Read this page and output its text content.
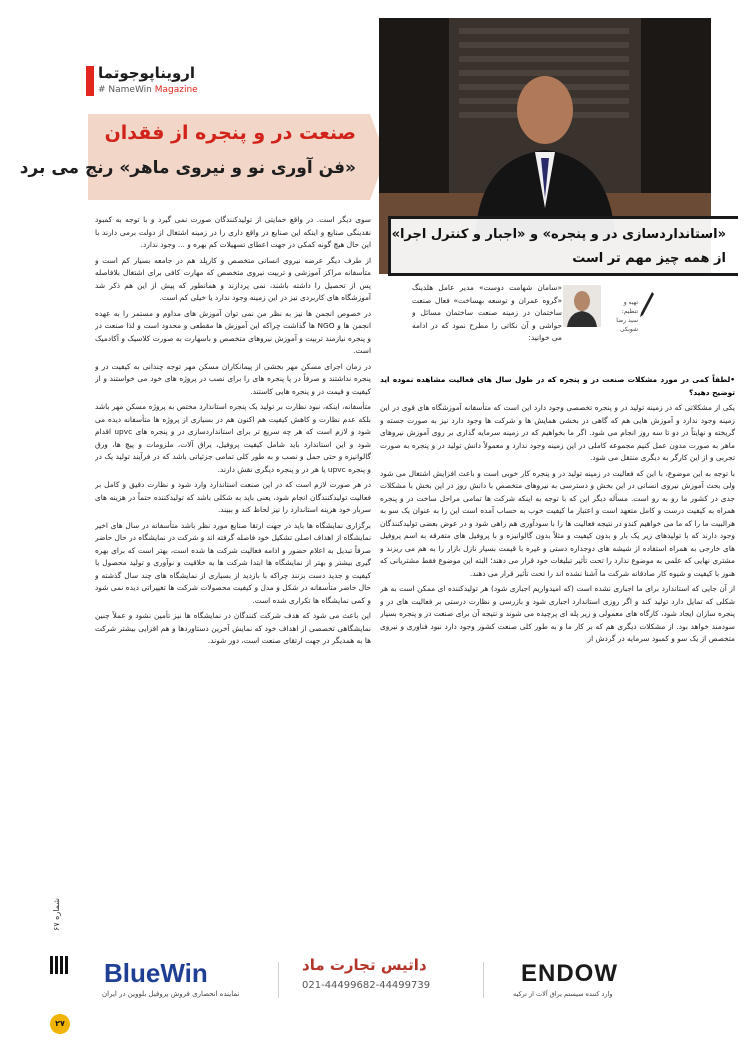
ارویناپوجوتما
# NameWin Magazine
صنعت در و پنجره از فقدان
«فن آوری نو و نیروی ماهر» رنج می برد
«استانداردسازی در و پنجره» و «اجبار و کنترل اجرا»
از همه چیز مهم تر است
تهیه و تنظیم:
سید رضا شوبکی
«سامان شهامت دوست» مدیر عامل هلدینگ «گروه عمران و توسعه بهساخت» فعال صنعت ساختمان در زمینه صنعت ساختمان مسائل و حواشی و آن نکاتی را مطرح نمود که در ادامه می خوانید:

•لطفاً کمی در مورد مشکلات صنعت در و پنجره که در طول سال های فعالیت مشاهده نموده اید توضیح دهید؟

یکی از مشکلاتی که در زمینه تولید در و پنجره تخصصی وجود دارد این است که متأسفانه آموزشگاه های قوی در این زمینه وجود ندارد و آموزش هایی هم که گاهی در بخشی همایش ها و شرکت ها وجود دارد نیز به صورت جسته و گریخته و نهایتاً در دو تا سه روز انجام می شود. اگر ما بخواهیم که در زمینه سرمایه گذاری بر روی آموزش نیروهای ماهر به صورت مدون عمل کنیم مجموعه کاملی در این زمینه وجود ندارد و معمولاً دانش تولید در و پنجره به صورت تجربی و از این کارگر به دیگری منتقل می شود.

با توجه به این موضوع، با این که فعالیت در زمینه تولید در و پنجره کار خوبی است و باعث افزایش اشتغال می شود ولی بحث آموزش نیروی انسانی در این بخش و دسترسی به نیروهای متخصص با دانش روز در این بخش با مشکلات جدی در کشور ما رو به رو است. مسأله دیگر این که با توجه به اینکه شرکت ها تمامی مراحل ساخت در و پنجره همراه به کیفیت درست و کامل متعهد است و اعتبار ما کیفیت خوب به حساب آمده است این را به عنوان یک سو به هرالبیت ما را که ما می خواهیم کندو در نتیجه فعالیت ها را با سودآوری هم راهی شود و در عوض بعضی تولیدکنندگان وجود دارند که با تولیدهای زیر یک بار و بدون کیفیت و مثلاً بدون گالوانیزه و با پروفیل های متفرقه به اسم پروفیل های خارجی به همراه استفاده از شیشه های دوجداره دستی و غیره با قیمت بسیار نازل بازار را به هم می ریزند و مشتری نهایی که علمی به موضوع ندارد را تحت تأثیر تبلیغات خود قرار می دهند؛ البته این موضوع فقط مشتریانی که هنوز با کیفیت و شیوه کار صادقانه شرکت ما آشنا نشده اند را تحت تأثیر قرار می دهند.

از آن جایی که استاندارد برای ما اجباری نشده است (که امیدواریم اجباری شود) هر تولیدکننده ای ممکن است به هر شکلی که تمایل دارد تولید کند و اگر روزی استاندارد اجباری شود و بازرسی و نظارت درستی بر فعالیت های در و پنجره سازان ایجاد شود، کارگاه های معمولی و زیر پله ای پرچیده می شوند و نتیجه آن برای صنعت در و پنجره بسیار سودمند خواهد بود. از مشکلات دیگری هم که بر کار ما و به طور کلی صنعت کشور وجود دارد نبود فناوری و نیروی متخصص از یک سو و کمبود سرمایه در گردش از

سوی دیگر است. در واقع حمایتی از تولیدکنندگان صورت نمی گیرد و با توجه به کمبود نقدینگی صنایع و اینکه این صنایع در واقع داری را در زمینه اشتغال از دولت برمی دارند با این حال هیچ گونه کمکی در جهت اعطای تسهیلات کم بهره و ... وجود ندارد.

از طرف دیگر عرضه نیروی انسانی متخصص و کارپلد هم در جامعه بسیار کم است و متأسفانه مراکز آموزشی و تربیت نیروی متخصص که مهارت کافی برای اشتغال بلافاصله پس از تحصیل را داشته باشند، نمی پردازند و همانطور که پیش از این هم ذکر شد آموزشگاه های کاربردی نیز در این زمینه وجود ندارد یا خیلی کم است.

در خصوص انجمن ها نیز به نظر من نمی توان آموزش های مداوم و مستمر را به عهده انجمن ها و NGO ها گذاشت چراکه این آموزش ها مقطعی و محدود است و لذا صنعت در و پنجره نیازمند تربیت و آموزش نیروهای متخصص و باسهارت به صورت کلاسیک و آکادمیک است.

در زمان اجرای مسکن مهر بخشی از پیمانکاران مسکن مهر توجه چندانی به کیفیت در و پنجره نداشتند و صرفاً در پا پنجره های را برای نصب در پروژه های خود می خواستند و از کیفیت و قیمت در و پنجره هایی کاستند.

متأسفانه، اینکه، نبود نظارت بر تولید یک پنجره استاندارد مختص به پروژه مسکن مهر باشد بلکه عدم نظارت و کاهش کیفیت هم اکنون هم در بسیاری از پروژه ها متأسفانه دیده می شود و لازم است که هر چه سریع تر برای استانداردسازی در و پنجره های upvc اقدام شود و این استاندارد باید شامل کیفیت پروفیل، یراق آلات، ملزومات و پیچ ها، ورق گالوانیزه و حتی حمل و نصب و به طور کلی تمامی جزئیاتی باشد که در فرآیند تولید یک در و پنجره upvc یا هر در و پنجره دیگری نقش دارند.

در هر صورت لازم است که در این صنعت استاندارد وارد شود و نظارت دقیق و کامل بر فعالیت تولیدکنندگان انجام شود، یعنی باید به شکلی باشد که تولیدکننده حتماً در هزینه های سربار خود هزینه استاندارد را نیز لحاظ کند و ببیند.

برگزاری نمایشگاه ها باید در جهت ارتقا صنایع مورد نظر باشد متأسفانه در سال های اخیر نمایشگاه از اهداف اصلی تشکیل خود فاصله گرفته اند و شرکت در نمایشگاه در حال حاضر صرفاً تبدیل به اعلام حضور و ادامه فعالیت شرکت ها شده است، بهتر است که برای بهره گیری بیشتر و بهتر از نمایشگاه ها ابتدا شرکت ها به خلاقیت و نوآوری و تولید محصول با کیفیت و جدید دست بزنند چراکه با بازدید از بسیاری از نمایشگاه های چند سال گذشته و حال حاضر متأسفانه در شکل و مدل و کیفیت محصولات شرکت ها تغییراتی دیده نمی شود و کمی نمایشگاه ها تکراری شده است.

این باعث می شود که هدف شرکت کنندگان در نمایشگاه ها نیز تأمین نشود و عملاً چنین نمایشگاهی تخصصی از اهداف خود که نمایش آخرین دستاوردها و هم افزایی بیشتر شرکت ها به همدیگر در جهت ارتقای صنعت است، دور شوند.

شماره ۶۷
۲۷
BlueWin
نماینده انحصاری فروش پروفیل بلووین در ایران
داتیس تجارت ماد
021-44499682-44499739	ENDOW
وارد کننده سیستم یراق آلات از ترکیه
